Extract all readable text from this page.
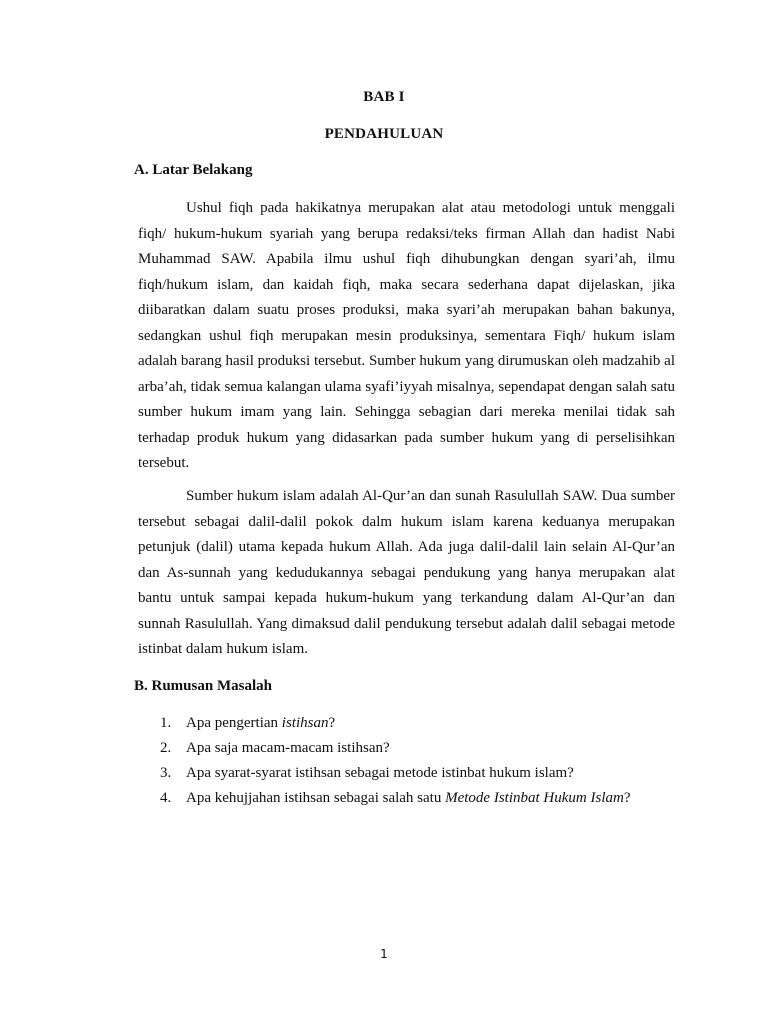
BAB I
PENDAHULUAN
A. Latar Belakang

Ushul fiqh pada hakikatnya merupakan alat atau metodologi untuk menggali fiqh/ hukum-hukum syariah yang berupa redaksi/teks firman Allah dan hadist Nabi Muhammad SAW. Apabila ilmu ushul fiqh dihubungkan dengan syari’ah, ilmu fiqh/hukum islam, dan kaidah fiqh, maka secara sederhana dapat dijelaskan, jika diibaratkan dalam suatu proses produksi, maka syari’ah merupakan bahan bakunya, sedangkan ushul fiqh merupakan mesin produksinya, sementara Fiqh/ hukum islam adalah barang hasil produksi tersebut. Sumber hukum yang dirumuskan oleh madzahib al arba’ah, tidak semua kalangan ulama syafi’iyyah misalnya, sependapat dengan salah satu sumber hukum imam yang lain. Sehingga sebagian dari mereka menilai tidak sah terhadap produk hukum yang didasarkan pada sumber hukum yang di perselisihkan tersebut.

Sumber hukum islam adalah Al-Qur’an dan sunah Rasulullah SAW. Dua sumber tersebut sebagai dalil-dalil pokok dalm hukum islam karena keduanya merupakan petunjuk (dalil) utama kepada hukum Allah. Ada juga dalil-dalil lain selain Al-Qur’an dan As-sunnah yang kedudukannya sebagai pendukung yang hanya merupakan alat bantu untuk sampai kepada hukum-hukum yang terkandung dalam Al-Qur’an dan sunnah Rasulullah. Yang dimaksud dalil pendukung tersebut adalah dalil sebagai metode istinbat dalam hukum islam.

B. Rumusan Masalah
1. Apa pengertian istihsan?
2. Apa saja macam-macam istihsan?
3. Apa syarat-syarat istihsan sebagai metode istinbat hukum islam?
4. Apa kehujjahan istihsan sebagai salah satu Metode Istinbat Hukum Islam?
1
